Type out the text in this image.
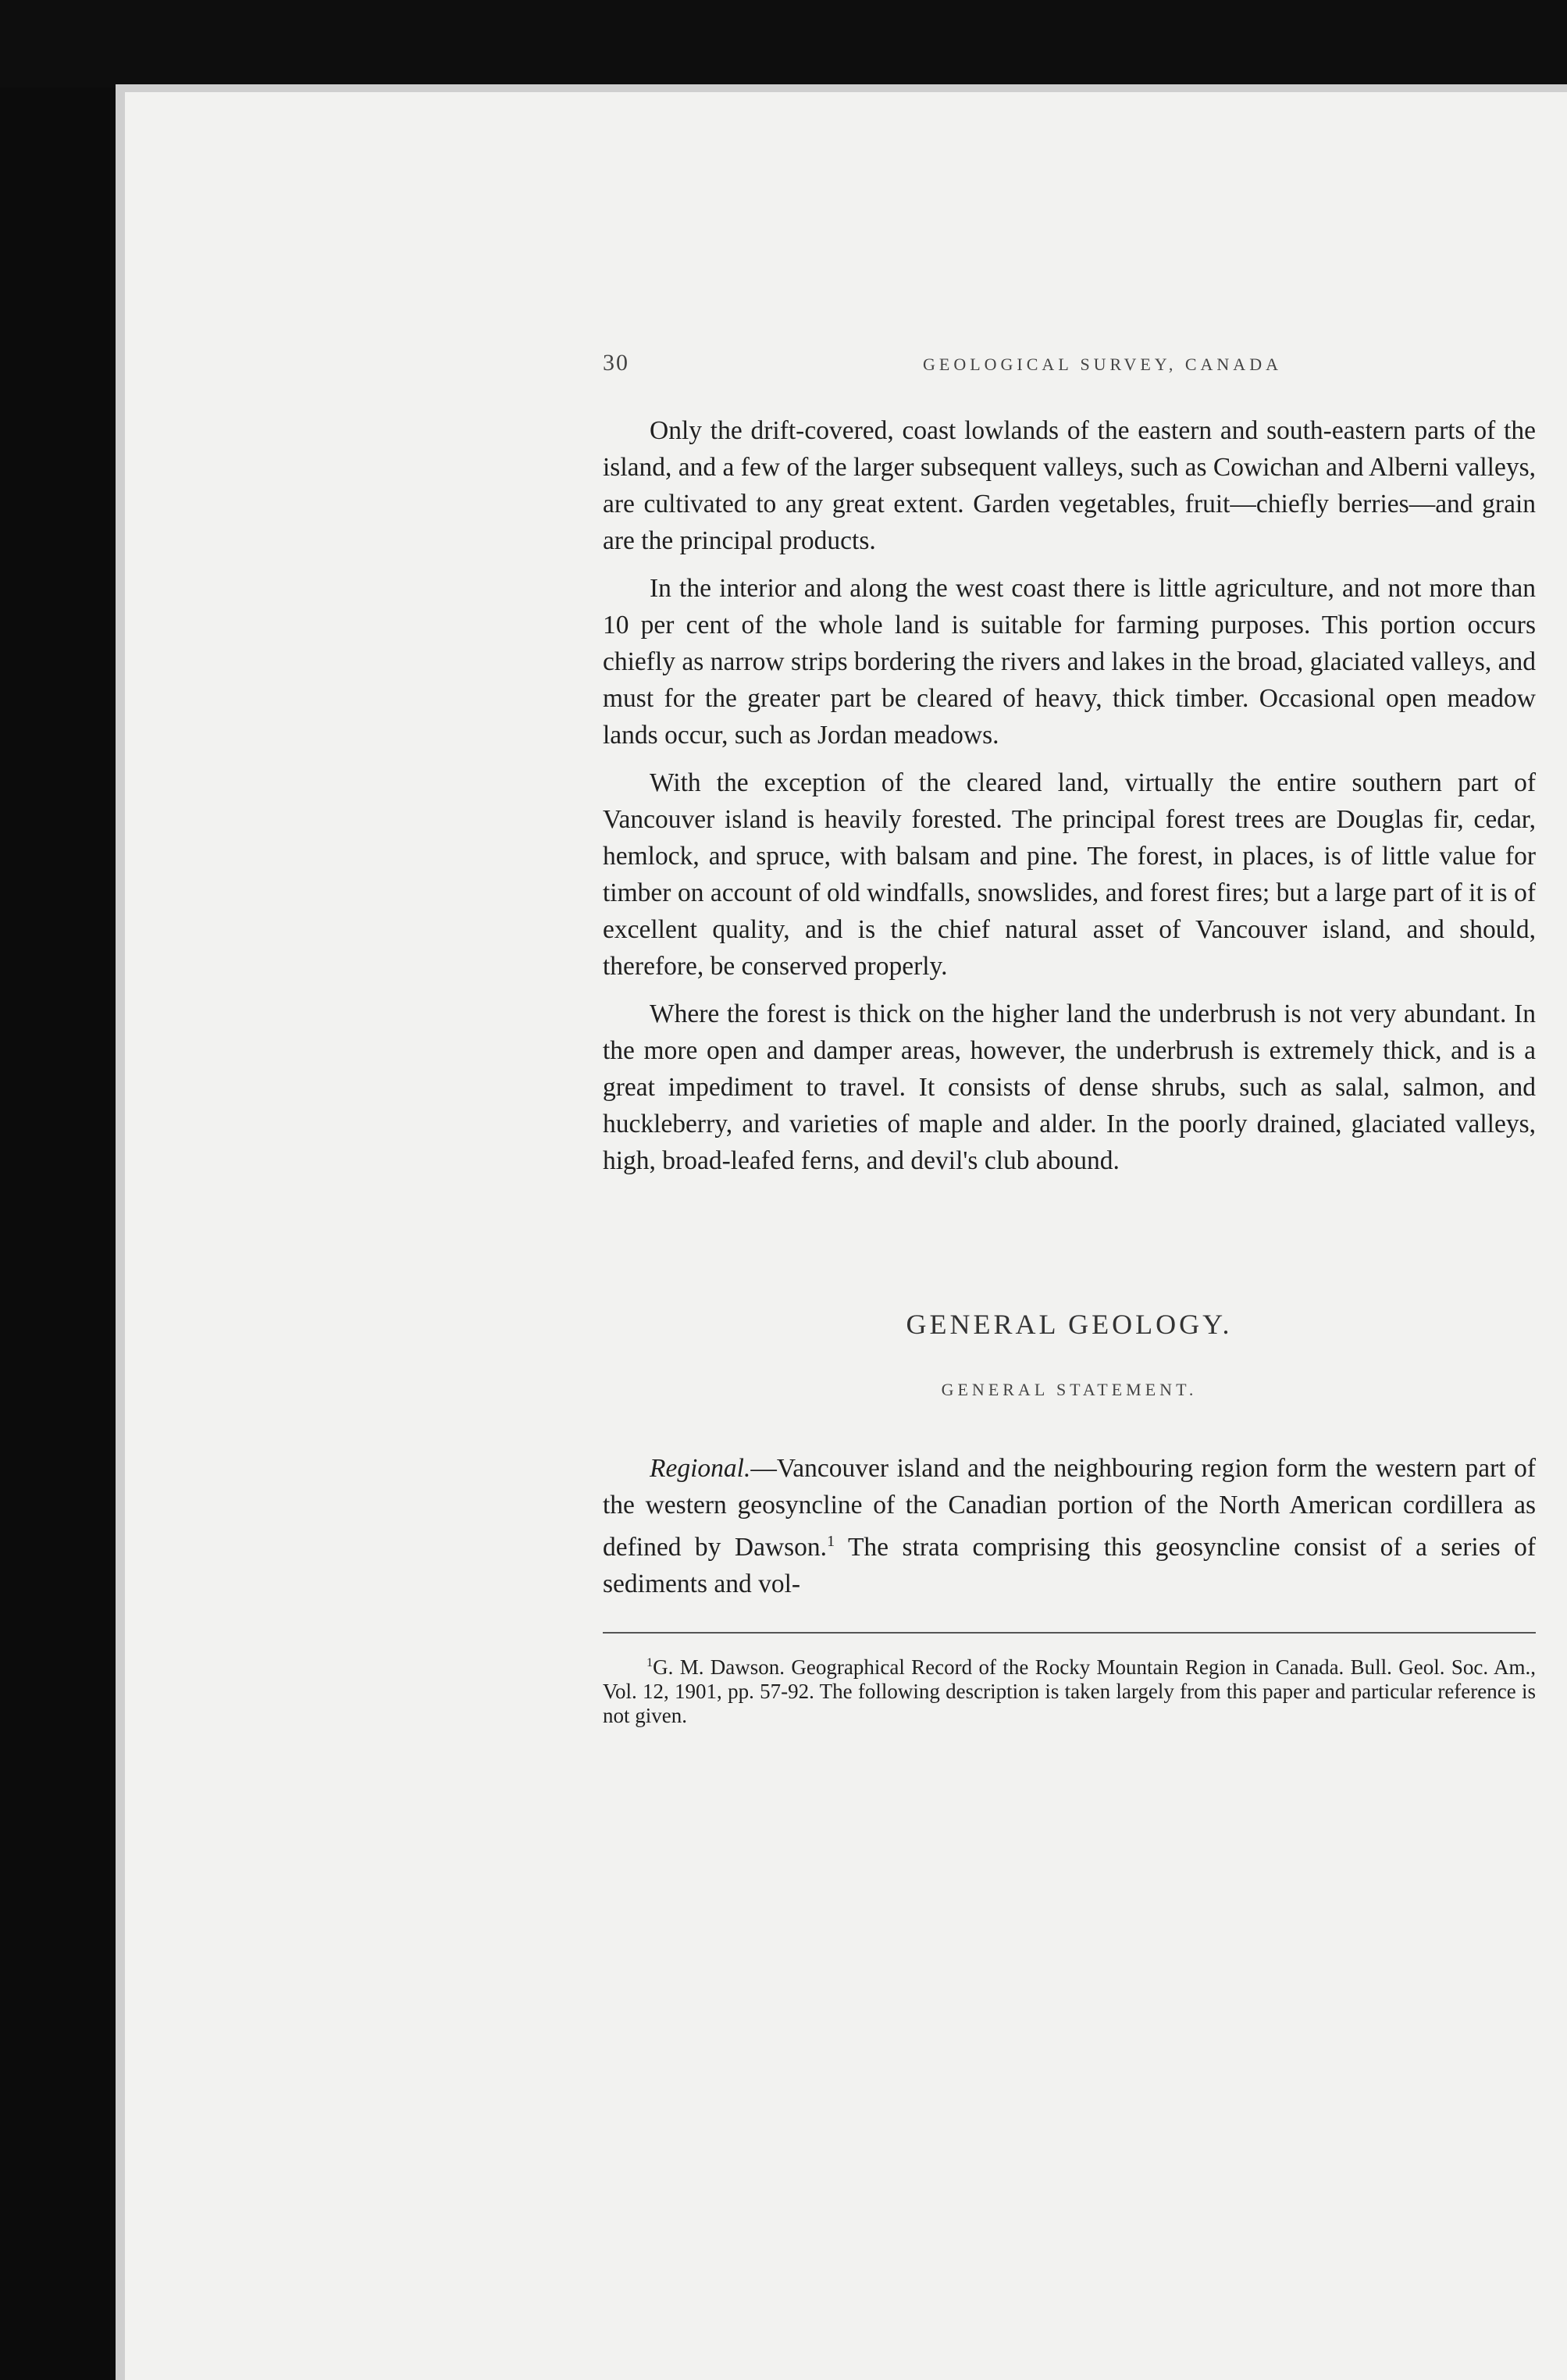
30	GEOLOGICAL SURVEY, CANADA

Only the drift-covered, coast lowlands of the eastern and south-eastern parts of the island, and a few of the larger subsequent valleys, such as Cowichan and Alberni valleys, are cultivated to any great extent. Garden vegetables, fruit—chiefly berries—and grain are the principal products.

In the interior and along the west coast there is little agriculture, and not more than 10 per cent of the whole land is suitable for farming purposes. This portion occurs chiefly as narrow strips bordering the rivers and lakes in the broad, glaciated valleys, and must for the greater part be cleared of heavy, thick timber. Occasional open meadow lands occur, such as Jordan meadows.

With the exception of the cleared land, virtually the entire southern part of Vancouver island is heavily forested. The principal forest trees are Douglas fir, cedar, hemlock, and spruce, with balsam and pine. The forest, in places, is of little value for timber on account of old windfalls, snowslides, and forest fires; but a large part of it is of excellent quality, and is the chief natural asset of Vancouver island, and should, therefore, be conserved properly.

Where the forest is thick on the higher land the underbrush is not very abundant. In the more open and damper areas, however, the underbrush is extremely thick, and is a great impediment to travel. It consists of dense shrubs, such as salal, salmon, and huckleberry, and varieties of maple and alder. In the poorly drained, glaciated valleys, high, broad-leafed ferns, and devil's club abound.

GENERAL GEOLOGY.
GENERAL STATEMENT.

Regional.—Vancouver island and the neighbouring region form the western part of the western geosyncline of the Canadian portion of the North American cordillera as defined by Dawson.$^1$ The strata comprising this geosyncline consist of a series of sediments and vol-

$^1$G. M. Dawson. Geographical Record of the Rocky Mountain Region in Canada. Bull. Geol. Soc. Am., Vol. 12, 1901, pp. 57-92. The following description is taken largely from this paper and particular reference is not given.
